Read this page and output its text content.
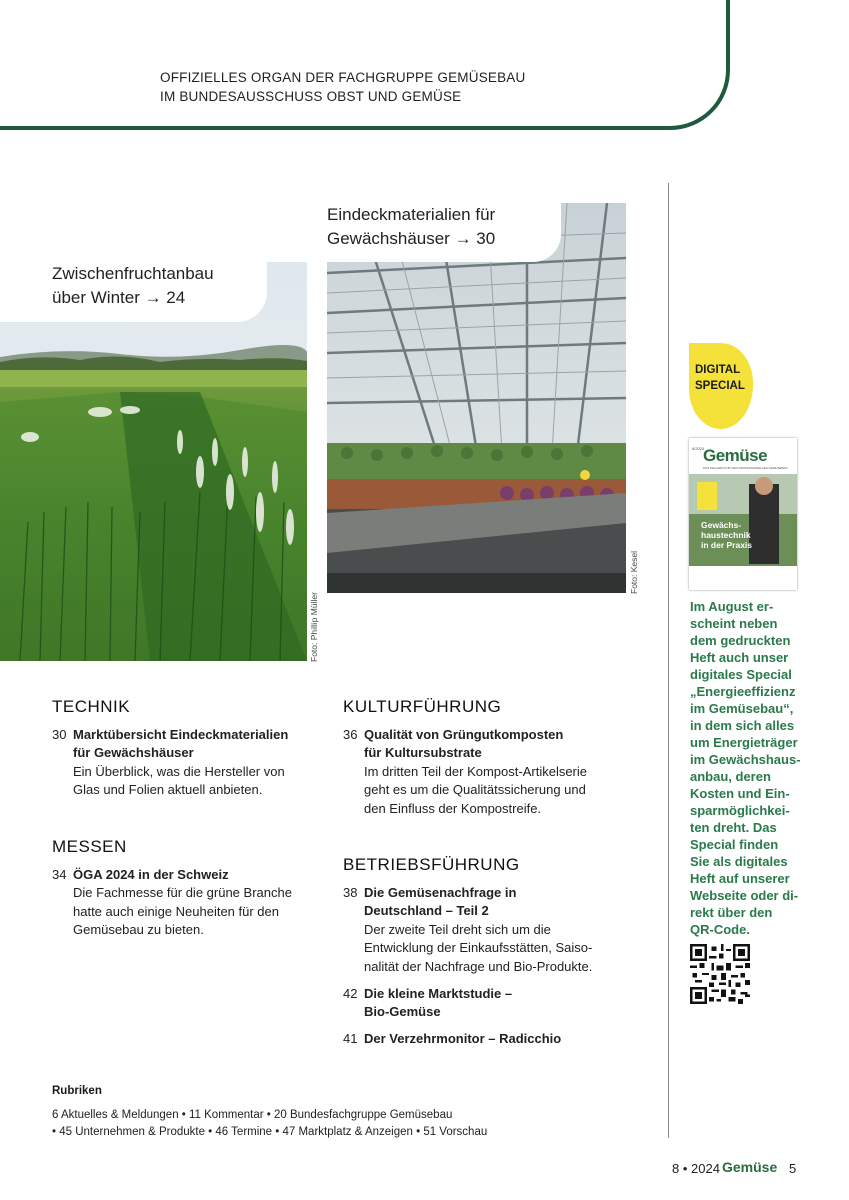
OFFIZIELLES ORGAN DER FACHGRUPPE GEMÜSEBAU
IM BUNDESAUSSCHUSS OBST UND GEMÜSE
Zwischenfruchtanbau
über Winter → 24
Foto: Phillip Müller
Eindeckmaterialien für
Gewächshäuser → 30
Foto: Kesel
TECHNIK
30 Marktübersicht Eindeckmaterialien
für Gewächshäuser
Ein Überblick, was die Hersteller von
Glas und Folien aktuell anbieten.
MESSEN
34 ÖGA 2024 in der Schweiz
Die Fachmesse für die grüne Branche
hatte auch einige Neuheiten für den
Gemüsebau zu bieten.
KULTURFÜHRUNG
36 Qualität von Grüngutkomposten
für Kultursubstrate
Im dritten Teil der Kompost-Artikelserie
geht es um die Qualitätssicherung und
den Einfluss der Kompostreife.
BETRIEBSFÜHRUNG
38 Die Gemüsenachfrage in
Deutschland – Teil 2
Der zweite Teil dreht sich um die
Entwicklung der Einkaufsstätten, Saiso-
nalität der Nachfrage und Bio-Produkte.
42 Die kleine Marktstudie –
Bio-Gemüse
41 Der Verzehrmonitor – Radicchio
DIGITAL
SPECIAL
8/2024
Gemüse
DAS MAGAZIN FÜR DEN PROFESSIONELLEN GEMÜSEBAU
Gewächs-
haustechnik
in der Praxis
Im August er-
scheint neben
dem gedruckten
Heft auch unser
digitales Special
„Energieeffizienz
im Gemüsebau“,
in dem sich alles
um Energieträger
im Gewächshaus-
anbau, deren
Kosten und Ein-
sparmöglichkei-
ten dreht. Das
Special finden
Sie als digitales
Heft auf unserer
Webseite oder di-
rekt über den
QR-Code.
Rubriken
6 Aktuelles & Meldungen • 11 Kommentar • 20 Bundesfachgruppe Gemüsebau
• 45 Unternehmen & Produkte • 46 Termine • 47 Marktplatz & Anzeigen • 51 Vorschau
8 • 2024 Gemüse 5
